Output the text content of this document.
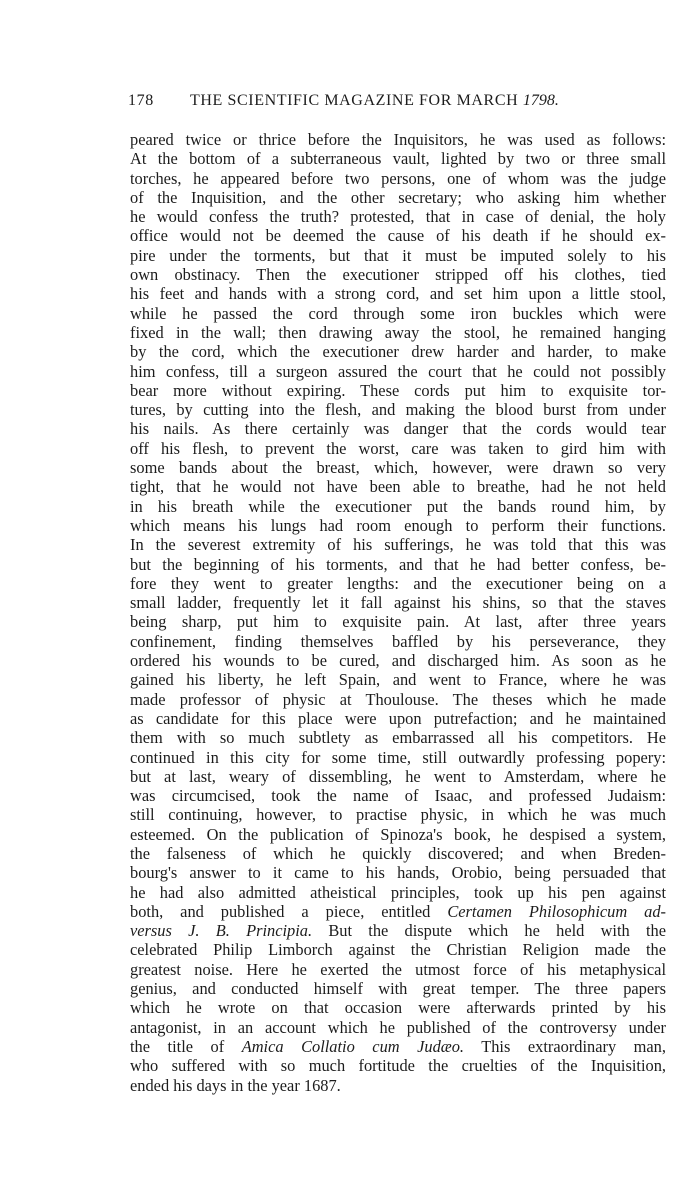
178 THE SCIENTIFIC MAGAZINE FOR MARCH 1798.
peared twice or thrice before the Inquisitors, he was used as follows:
At the bottom of a subterraneous vault, lighted by two or three small
torches, he appeared before two persons, one of whom was the judge
of the Inquisition, and the other secretary; who asking him whether
he would confess the truth? protested, that in case of denial, the holy
office would not be deemed the cause of his death if he should ex-
pire under the torments, but that it must be imputed solely to his
own obstinacy. Then the executioner stripped off his clothes, tied
his feet and hands with a strong cord, and set him upon a little stool,
while he passed the cord through some iron buckles which were
fixed in the wall; then drawing away the stool, he remained hanging
by the cord, which the executioner drew harder and harder, to make
him confess, till a surgeon assured the court that he could not possibly
bear more without expiring. These cords put him to exquisite tor-
tures, by cutting into the flesh, and making the blood burst from under
his nails. As there certainly was danger that the cords would tear
off his flesh, to prevent the worst, care was taken to gird him with
some bands about the breast, which, however, were drawn so very
tight, that he would not have been able to breathe, had he not held
in his breath while the executioner put the bands round him, by
which means his lungs had room enough to perform their functions.
In the severest extremity of his sufferings, he was told that this was
but the beginning of his torments, and that he had better confess, be-
fore they went to greater lengths: and the executioner being on a
small ladder, frequently let it fall against his shins, so that the staves
being sharp, put him to exquisite pain. At last, after three years
confinement, finding themselves baffled by his perseverance, they
ordered his wounds to be cured, and discharged him. As soon as he
gained his liberty, he left Spain, and went to France, where he was
made professor of physic at Thoulouse. The theses which he made
as candidate for this place were upon putrefaction; and he maintained
them with so much subtlety as embarrassed all his competitors. He
continued in this city for some time, still outwardly professing popery:
but at last, weary of dissembling, he went to Amsterdam, where he
was circumcised, took the name of Isaac, and professed Judaism:
still continuing, however, to practise physic, in which he was much
esteemed. On the publication of Spinoza's book, he despised a system,
the falseness of which he quickly discovered; and when Breden-
bourg's answer to it came to his hands, Orobio, being persuaded that
he had also admitted atheistical principles, took up his pen against
both, and published a piece, entitled Certamen Philosophicum ad-
versus J. B. Principia. But the dispute which he held with the
celebrated Philip Limborch against the Christian Religion made the
greatest noise. Here he exerted the utmost force of his metaphysical
genius, and conducted himself with great temper. The three papers
which he wrote on that occasion were afterwards printed by his
antagonist, in an account which he published of the controversy under
the title of Amica Collatio cum Judæo. This extraordinary man,
who suffered with so much fortitude the cruelties of the Inquisition,
ended his days in the year 1687.
